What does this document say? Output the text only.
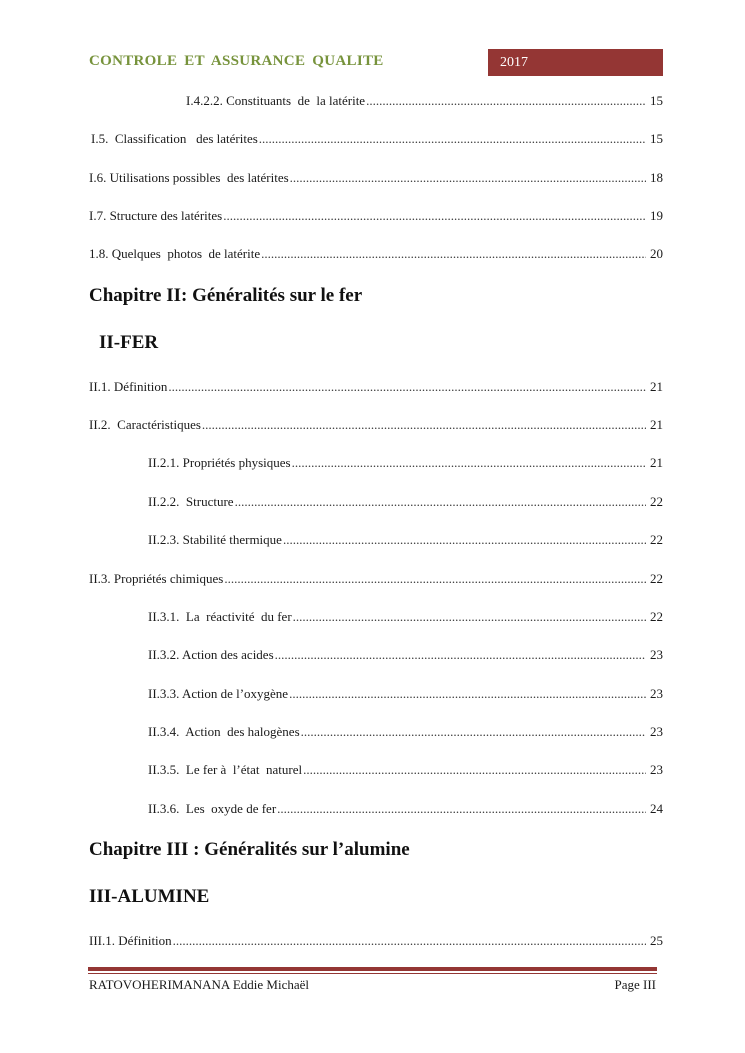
CONTROLE ET ASSURANCE QUALITE	2017
I.4.2.2. Constituants  de  la latérite .....	15
I.5.  Classification   des latérites .....	15
I.6. Utilisations possibles  des latérites .....	18
I.7. Structure des latérites .....	19
1.8. Quelques  photos  de latérite .....	20
Chapitre II: Généralités sur le fer
II-FER
II.1. Définition .....	21
II.2.  Caractéristiques .....	21
II.2.1. Propriétés physiques .....	21
II.2.2.  Structure .....	22
II.2.3. Stabilité thermique .....	22
II.3. Propriétés chimiques .....	22
II.3.1.  La  réactivité  du fer .....	22
II.3.2. Action des acides .....	23
II.3.3. Action de l’oxygène .....	23
II.3.4.  Action  des halogènes .....	23
II.3.5.  Le fer à  l’état  naturel .....	23
II.3.6.  Les  oxyde de fer .....	24
Chapitre III : Généralités sur l’alumine
III-ALUMINE
III.1. Définition .....	25
RATOVOHERIMANANA Eddie Michaël	Page III
